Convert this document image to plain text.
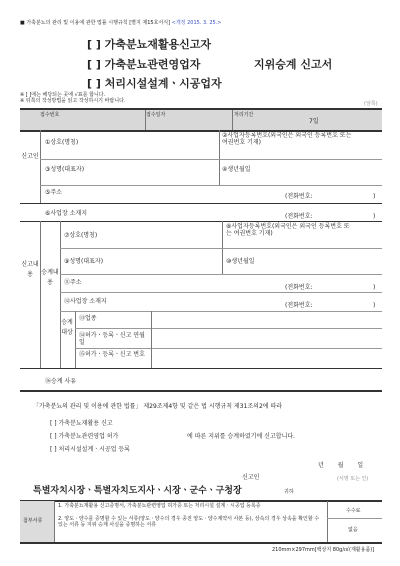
■ 가축분뇨의 관리 및 이용에 관한 법률 시행규칙 [별지 제15호서식] <개정 2015. 3. 25.>
[ ] 가축분뇨재활용신고자
[ ] 가축분뇨관련영업자
[ ] 처리시설설계ㆍ시공업자
지위승계 신고서
※ [ ]에는 해당되는 곳에 √표를 합니다.
※ 뒤쪽의 작성방법을 읽고 작성하시기 바랍니다.	(앞쪽)
접수번호	접수일자	처리기간
7일
신고인
①상호(명칭)
②사업자등록번호(외국인은 외국인 등록번호 또는 여권번호 기재)
③성명(대표자)	④생년월일
⑤주소
(전화번호:	)
⑥사업장 소재지	(전화번호:	)
신고내용	승계내용
⑦상호(명칭)
⑧사업자등록번호(외국인은 외국인 등록번호 또는 여권번호 기재)
⑨성명(대표자)	⑩생년월일
⑪주소
(전화번호:	)
⑫사업장 소재지
(전화번호:	)
승계대상
⑬업종
⑭허가ㆍ등록ㆍ신고 연월일
⑮허가ㆍ등록ㆍ신고 번호
⑯승계 사유
「가축분뇨의 관리 및 이용에 관한 법률」 제29조제4항 및 같은 법 시행규칙 제31조의2에 따라
[ ] 가축분뇨재활용 신고
[ ] 가축분뇨관련영업 허가
[ ] 처리시설설계ㆍ시공업 등록
에 따른 지위를 승계하였기에 신고합니다.
년 월 일
신고인	(서명 또는 인)
특별자치시장ㆍ특별자치도지사ㆍ시장ㆍ군수ㆍ구청장	귀하
첨부서류
1. 가축분뇨재활용 신고증명서, 가축분뇨관련영업 허가증 또는 처리시설 설계ㆍ시공업 등록증
2. 양도ㆍ양수를 증명할 수 있는 서류(양도ㆍ양수의 경우 종전 양도ㆍ양수계약서 사본 등), 상속의 경우 상속을 확인할 수 있는 서류 등 지위 승계 사실을 증명하는 서류
수수료
없음
210mm×297mm[백상지 80g/㎡(재활용품)]
